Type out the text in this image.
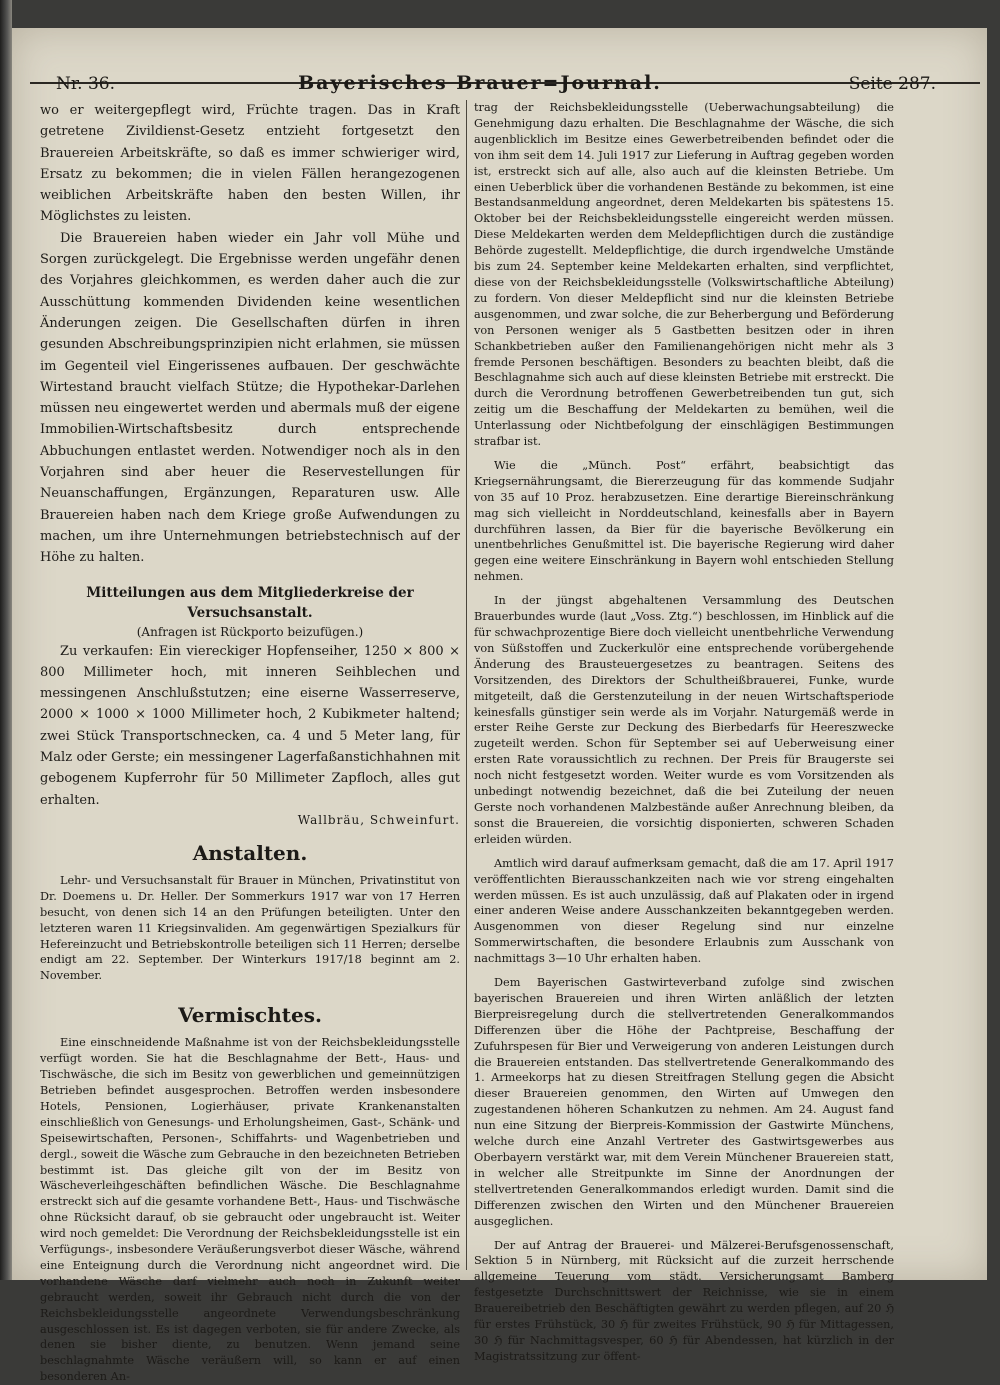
Nr. 36.	Bayerisches Brauer=Journal.	Seite 287.

wo er weitergepflegt wird, Früchte tragen. Das in Kraft getretene Zivildienst-Gesetz entzieht fortgesetzt den Brauereien Arbeitskräfte, so daß es immer schwieriger wird, Ersatz zu bekommen; die in vielen Fällen herangezogenen weiblichen Arbeitskräfte haben den besten Willen, ihr Möglichstes zu leisten.

Die Brauereien haben wieder ein Jahr voll Mühe und Sorgen zurückgelegt. Die Ergebnisse werden ungefähr denen des Vorjahres gleichkommen, es werden daher auch die zur Ausschüttung kommenden Dividenden keine wesentlichen Änderungen zeigen. Die Gesellschaften dürfen in ihren gesunden Abschreibungsprinzipien nicht erlahmen, sie müssen im Gegenteil viel Eingerissenes aufbauen. Der geschwächte Wirtestand braucht vielfach Stütze; die Hypothekar-Darlehen müssen neu eingewertet werden und abermals muß der eigene Immobilien-Wirtschaftsbesitz durch entsprechende Abbuchungen entlastet werden. Notwendiger noch als in den Vorjahren sind aber heuer die Reservestellungen für Neuanschaffungen, Ergänzungen, Reparaturen usw. Alle Brauereien haben nach dem Kriege große Aufwendungen zu machen, um ihre Unternehmungen betriebstechnisch auf der Höhe zu halten.

Mitteilungen aus dem Mitgliederkreise der Versuchsanstalt.
(Anfragen ist Rückporto beizufügen.)

Zu verkaufen: Ein viereckiger Hopfenseiher, 1250 × 800 × 800 Millimeter hoch, mit inneren Seihblechen und messingenen Anschlußstutzen; eine eiserne Wasserreserve, 2000 × 1000 × 1000 Millimeter hoch, 2 Kubikmeter haltend; zwei Stück Transportschnecken, ca. 4 und 5 Meter lang, für Malz oder Gerste; ein messingener Lagerfaßanstichhahnen mit gebogenem Kupferrohr für 50 Millimeter Zapfloch, alles gut erhalten.

Wallbräu, Schweinfurt.
Anstalten.

Lehr- und Versuchsanstalt für Brauer in München, Privatinstitut von Dr. Doemens u. Dr. Heller. Der Sommerkurs 1917 war von 17 Herren besucht, von denen sich 14 an den Prüfungen beteiligten. Unter den letzteren waren 11 Kriegsinvaliden. Am gegenwärtigen Spezialkurs für Hefereinzucht und Betriebskontrolle beteiligen sich 11 Herren; derselbe endigt am 22. September. Der Winterkurs 1917/18 beginnt am 2. November.

Vermischtes.

Eine einschneidende Maßnahme ist von der Reichsbekleidungsstelle verfügt worden. Sie hat die Beschlagnahme der Bett-, Haus- und Tischwäsche, die sich im Besitz von gewerblichen und gemeinnützigen Betrieben befindet ausgesprochen. Betroffen werden insbesondere Hotels, Pensionen, Logierhäuser, private Krankenanstalten einschließlich von Genesungs- und Erholungsheimen, Gast-, Schänk- und Speisewirtschaften, Personen-, Schiffahrts- und Wagenbetrieben und dergl., soweit die Wäsche zum Gebrauche in den bezeichneten Betrieben bestimmt ist. Das gleiche gilt von der im Besitz von Wäscheverleihgeschäften befindlichen Wäsche. Die Beschlagnahme erstreckt sich auf die gesamte vorhandene Bett-, Haus- und Tischwäsche ohne Rücksicht darauf, ob sie gebraucht oder ungebraucht ist. Weiter wird noch gemeldet: Die Verordnung der Reichsbekleidungsstelle ist ein Verfügungs-, insbesondere Veräußerungsverbot dieser Wäsche, während eine Enteignung durch die Verordnung nicht angeordnet wird. Die vorhandene Wäsche darf vielmehr auch noch in Zukunft weiter gebraucht werden, soweit ihr Gebrauch nicht durch die von der Reichsbekleidungsstelle angeordnete Verwendungsbeschränkung ausgeschlossen ist. Es ist dagegen verboten, sie für andere Zwecke, als denen sie bisher diente, zu benutzen. Wenn jemand seine beschlagnahmte Wäsche veräußern will, so kann er auf einen besonderen An-

trag der Reichsbekleidungsstelle (Ueberwachungsabteilung) die Genehmigung dazu erhalten. Die Beschlagnahme der Wäsche, die sich augenblicklich im Besitze eines Gewerbetreibenden befindet oder die von ihm seit dem 14. Juli 1917 zur Lieferung in Auftrag gegeben worden ist, erstreckt sich auf alle, also auch auf die kleinsten Betriebe. Um einen Ueberblick über die vorhandenen Bestände zu bekommen, ist eine Bestandsanmeldung angeordnet, deren Meldekarten bis spätestens 15. Oktober bei der Reichsbekleidungsstelle eingereicht werden müssen. Diese Meldekarten werden dem Meldepflichtigen durch die zuständige Behörde zugestellt. Meldepflichtige, die durch irgendwelche Umstände bis zum 24. September keine Meldekarten erhalten, sind verpflichtet, diese von der Reichsbekleidungsstelle (Volkswirtschaftliche Abteilung) zu fordern. Von dieser Meldepflicht sind nur die kleinsten Betriebe ausgenommen, und zwar solche, die zur Beherbergung und Beförderung von Personen weniger als 5 Gastbetten besitzen oder in ihren Schankbetrieben außer den Familienangehörigen nicht mehr als 3 fremde Personen beschäftigen. Besonders zu beachten bleibt, daß die Beschlagnahme sich auch auf diese kleinsten Betriebe mit erstreckt. Die durch die Verordnung betroffenen Gewerbetreibenden tun gut, sich zeitig um die Beschaffung der Meldekarten zu bemühen, weil die Unterlassung oder Nichtbefolgung der einschlägigen Bestimmungen strafbar ist.

Wie die „Münch. Post“ erfährt, beabsichtigt das Kriegsernährungsamt, die Biererzeugung für das kommende Sudjahr von 35 auf 10 Proz. herabzusetzen. Eine derartige Biereinschränkung mag sich vielleicht in Norddeutschland, keinesfalls aber in Bayern durchführen lassen, da Bier für die bayerische Bevölkerung ein unentbehrliches Genußmittel ist. Die bayerische Regierung wird daher gegen eine weitere Einschränkung in Bayern wohl entschieden Stellung nehmen.

In der jüngst abgehaltenen Versammlung des Deutschen Brauerbundes wurde (laut „Voss. Ztg.“) beschlossen, im Hinblick auf die für schwachprozentige Biere doch vielleicht unentbehrliche Verwendung von Süßstoffen und Zuckerkulör eine entsprechende vorübergehende Änderung des Brausteuergesetzes zu beantragen. Seitens des Vorsitzenden, des Direktors der Schultheißbrauerei, Funke, wurde mitgeteilt, daß die Gerstenzuteilung in der neuen Wirtschaftsperiode keinesfalls günstiger sein werde als im Vorjahr. Naturgemäß werde in erster Reihe Gerste zur Deckung des Bierbedarfs für Heereszwecke zugeteilt werden. Schon für September sei auf Ueberweisung einer ersten Rate voraussichtlich zu rechnen. Der Preis für Braugerste sei noch nicht festgesetzt worden. Weiter wurde es vom Vorsitzenden als unbedingt notwendig bezeichnet, daß die bei Zuteilung der neuen Gerste noch vorhandenen Malzbestände außer Anrechnung bleiben, da sonst die Brauereien, die vorsichtig disponierten, schweren Schaden erleiden würden.

Amtlich wird darauf aufmerksam gemacht, daß die am 17. April 1917 veröffentlichten Bierausschankzeiten nach wie vor streng eingehalten werden müssen. Es ist auch unzulässig, daß auf Plakaten oder in irgend einer anderen Weise andere Ausschankzeiten bekanntgegeben werden. Ausgenommen von dieser Regelung sind nur einzelne Sommerwirtschaften, die besondere Erlaubnis zum Ausschank von nachmittags 3—10 Uhr erhalten haben.

Dem Bayerischen Gastwirteverband zufolge sind zwischen bayerischen Brauereien und ihren Wirten anläßlich der letzten Bierpreisregelung durch die stellvertretenden Generalkommandos Differenzen über die Höhe der Pachtpreise, Beschaffung der Zufuhrspesen für Bier und Verweigerung von anderen Leistungen durch die Brauereien entstanden. Das stellvertretende Generalkommando des 1. Armeekorps hat zu diesen Streitfragen Stellung gegen die Absicht dieser Brauereien genommen, den Wirten auf Umwegen den zugestandenen höheren Schankutzen zu nehmen. Am 24. August fand nun eine Sitzung der Bierpreis-Kommission der Gastwirte Münchens, welche durch eine Anzahl Vertreter des Gastwirtsgewerbes aus Oberbayern verstärkt war, mit dem Verein Münchener Brauereien statt, in welcher alle Streitpunkte im Sinne der Anordnungen der stellvertretenden Generalkommandos erledigt wurden. Damit sind die Differenzen zwischen den Wirten und den Münchener Brauereien ausgeglichen.

Der auf Antrag der Brauerei- und Mälzerei-Berufsgenossenschaft, Sektion 5 in Nürnberg, mit Rücksicht auf die zurzeit herrschende allgemeine Teuerung vom städt. Versicherungsamt Bamberg festgesetzte Durchschnittswert der Reichnisse, wie sie in einem Brauereibetrieb den Beschäftigten gewährt zu werden pflegen, auf 20 ℌ für erstes Frühstück, 30 ℌ für zweites Frühstück, 90 ℌ für Mittagessen, 30 ℌ für Nachmittagsvesper, 60 ℌ für Abendessen, hat kürzlich in der Magistratssitzung zur öffent-
